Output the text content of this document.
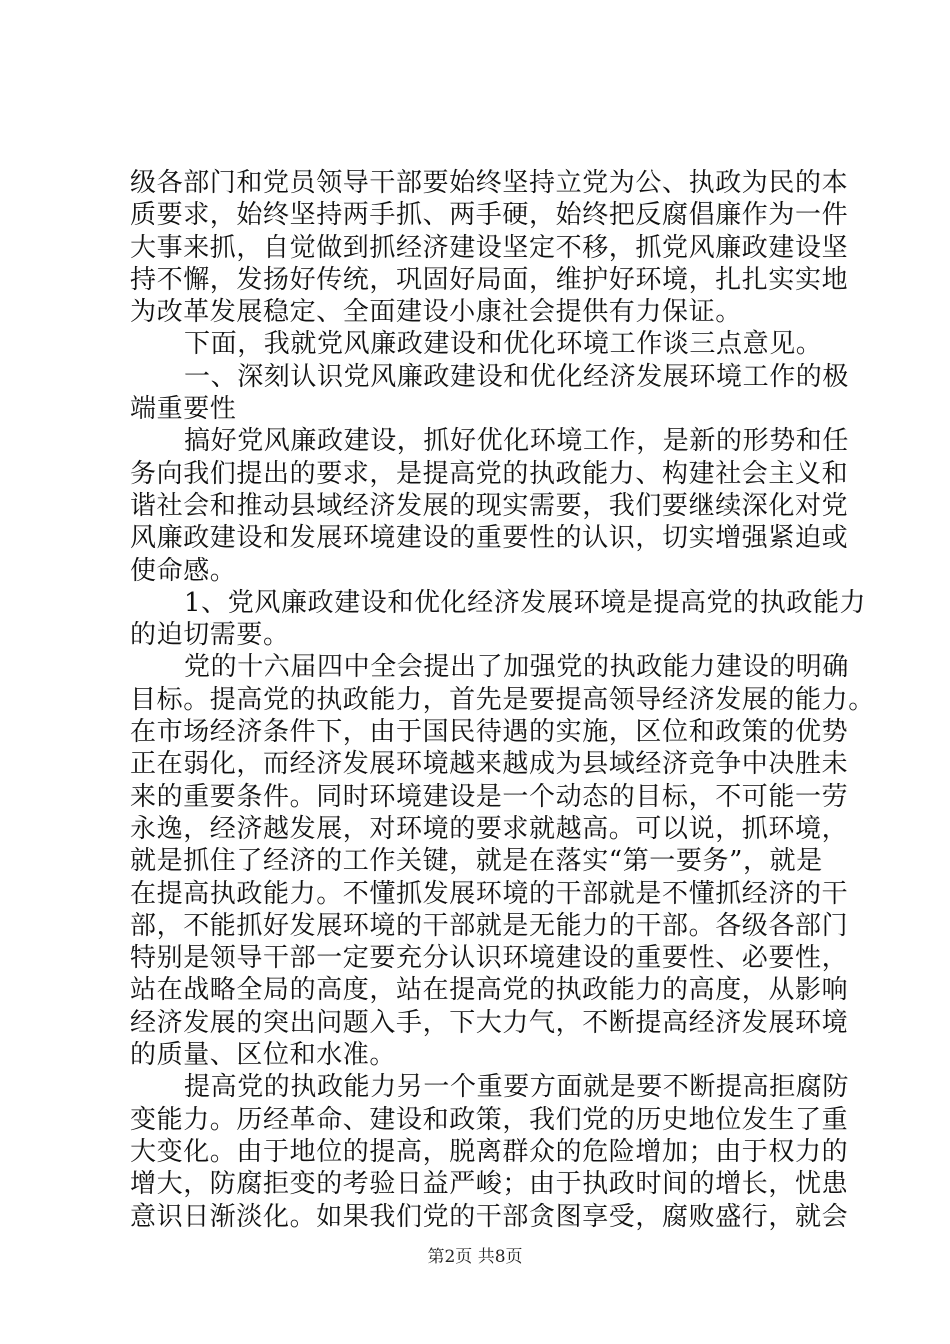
级各部门和党员领导干部要始终坚持立党为公、执政为民的本
质要求，始终坚持两手抓、两手硬，始终把反腐倡廉作为一件
大事来抓，自觉做到抓经济建设坚定不移，抓党风廉政建设坚
持不懈，发扬好传统，巩固好局面，维护好环境，扎扎实实地
为改革发展稳定、全面建设小康社会提供有力保证。
下面，我就党风廉政建设和优化环境工作谈三点意见。
一、深刻认识党风廉政建设和优化经济发展环境工作的极
端重要性
搞好党风廉政建设，抓好优化环境工作，是新的形势和任
务向我们提出的要求，是提高党的执政能力、构建社会主义和
谐社会和推动县域经济发展的现实需要，我们要继续深化对党
风廉政建设和发展环境建设的重要性的认识，切实增强紧迫或
使命感。
1、党风廉政建设和优化经济发展环境是提高党的执政能力
的迫切需要。
党的十六届四中全会提出了加强党的执政能力建设的明确
目标。提高党的执政能力，首先是要提高领导经济发展的能力。
在市场经济条件下，由于国民待遇的实施，区位和政策的优势
正在弱化，而经济发展环境越来越成为县域经济竞争中决胜未
来的重要条件。同时环境建设是一个动态的目标，不可能一劳
永逸，经济越发展，对环境的要求就越高。可以说，抓环境，
就是抓住了经济的工作关键，就是在落实“第一要务”，就是
在提高执政能力。不懂抓发展环境的干部就是不懂抓经济的干
部，不能抓好发展环境的干部就是无能力的干部。各级各部门
特别是领导干部一定要充分认识环境建设的重要性、必要性，
站在战略全局的高度，站在提高党的执政能力的高度，从影响
经济发展的突出问题入手，下大力气，不断提高经济发展环境
的质量、区位和水准。
提高党的执政能力另一个重要方面就是要不断提高拒腐防
变能力。历经革命、建设和政策，我们党的历史地位发生了重
大变化。由于地位的提高，脱离群众的危险增加；由于权力的
增大，防腐拒变的考验日益严峻；由于执政时间的增长，忧患
意识日渐淡化。如果我们党的干部贪图享受，腐败盛行，就会
第2页 共8页
